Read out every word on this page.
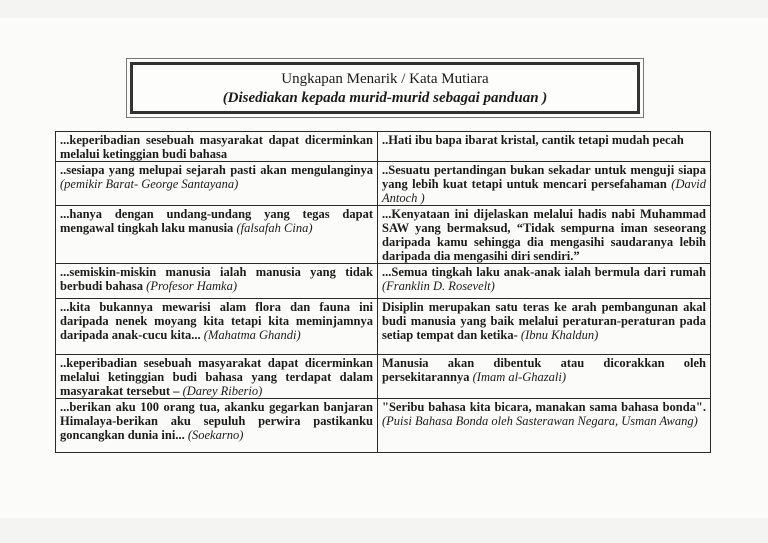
Ungkapan Menarik / Kata Mutiara
(Disediakan kepada murid-murid sebagai panduan )
...keperibadian sesebuah masyarakat dapat dicerminkan melalui ketinggian budi bahasa	..Hati ibu bapa ibarat kristal, cantik tetapi mudah pecah
..sesiapa yang melupai sejarah pasti akan mengulanginya (pemikir Barat- George Santayana)	..Sesuatu pertandingan bukan sekadar untuk menguji siapa yang lebih kuat tetapi untuk mencari persefahaman (David Antoch )
...hanya dengan undang-undang yang tegas dapat mengawal tingkah laku manusia (falsafah Cina)	...Kenyataan ini dijelaskan melalui hadis nabi Muhammad SAW yang bermaksud, “Tidak sempurna iman seseorang daripada kamu sehingga dia mengasihi saudaranya lebih daripada dia mengasihi diri sendiri.”
...semiskin-miskin manusia ialah manusia yang tidak berbudi bahasa (Profesor Hamka)	...Semua tingkah laku anak-anak ialah bermula dari rumah (Franklin D. Rosevelt)
...kita bukannya mewarisi alam flora dan fauna ini daripada nenek moyang kita tetapi kita meminjamnya daripada anak-cucu kita... (Mahatma Ghandi)	Disiplin merupakan satu teras ke arah pembangunan akal budi manusia yang baik melalui peraturan-peraturan pada setiap tempat dan ketika- (Ibnu Khaldun)
..keperibadian sesebuah masyarakat dapat dicerminkan melalui ketinggian budi bahasa yang terdapat dalam masyarakat tersebut – (Darey Riberio)	Manusia akan dibentuk atau dicorakkan oleh persekitarannya (Imam al-Ghazali)
...berikan aku 100 orang tua, akanku gegarkan banjaran Himalaya-berikan aku sepuluh perwira pastikanku goncangkan dunia ini... (Soekarno)	"Seribu bahasa kita bicara, manakan sama bahasa bonda". (Puisi Bahasa Bonda oleh Sasterawan Negara, Usman Awang)
